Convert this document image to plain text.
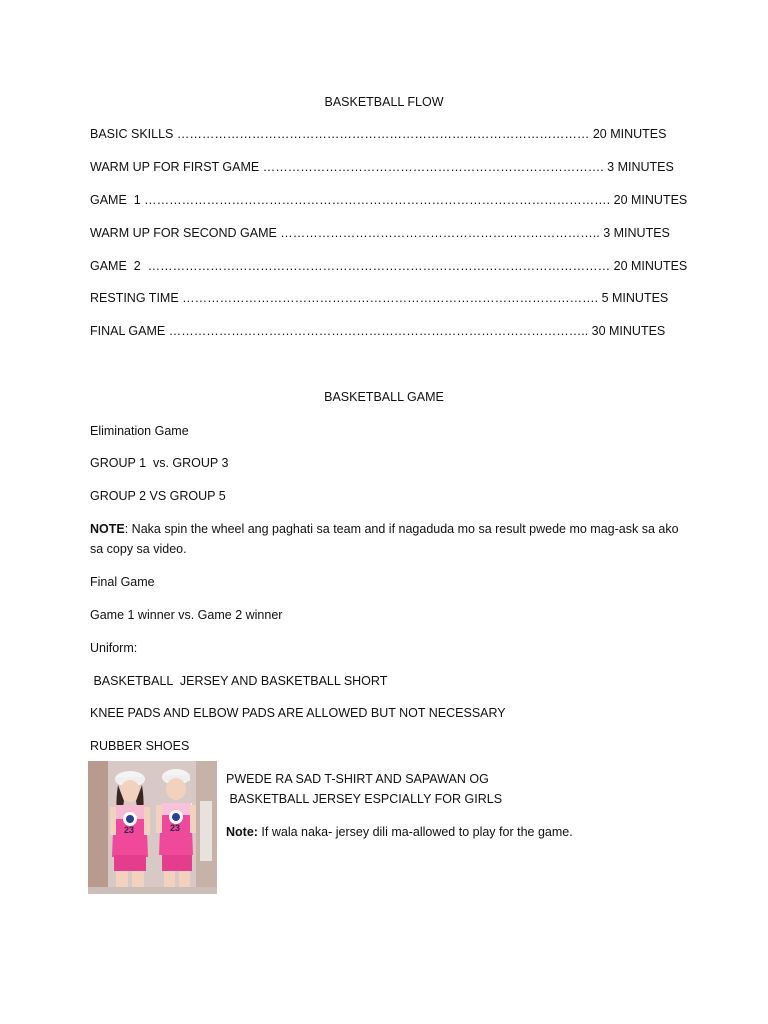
BASKETBALL FLOW
BASIC SKILLS ……………………………………………………………………………………… 20 MINUTES
WARM UP FOR FIRST GAME ………………………………………………………………………. 3 MINUTES
GAME  1 …………………………………………………………………………………………………. 20 MINUTES
WARM UP FOR SECOND GAME ………………………………………………………………….. 3 MINUTES
GAME  2  ………………………………………………………………………………………………… 20 MINUTES
RESTING TIME ………………………………………………………………………………………. 5 MINUTES
FINAL GAME ……………………………………………………………………………………….. 30 MINUTES
BASKETBALL GAME
Elimination Game
GROUP 1  vs. GROUP 3
GROUP 2 VS GROUP 5
NOTE: Naka spin the wheel ang paghati sa team and if nagaduda mo sa result pwede mo mag-ask sa ako
sa copy sa video.
Final Game
Game 1 winner vs. Game 2 winner
Uniform:
BASKETBALL  JERSEY AND BASKETBALL SHORT
KNEE PADS AND ELBOW PADS ARE ALLOWED BUT NOT NECESSARY
RUBBER SHOES
23	23
PWEDE RA SAD T-SHIRT AND SAPAWAN OG
BASKETBALL JERSEY ESPCIALLY FOR GIRLS
Note: If wala naka- jersey dili ma-allowed to play for the game.
